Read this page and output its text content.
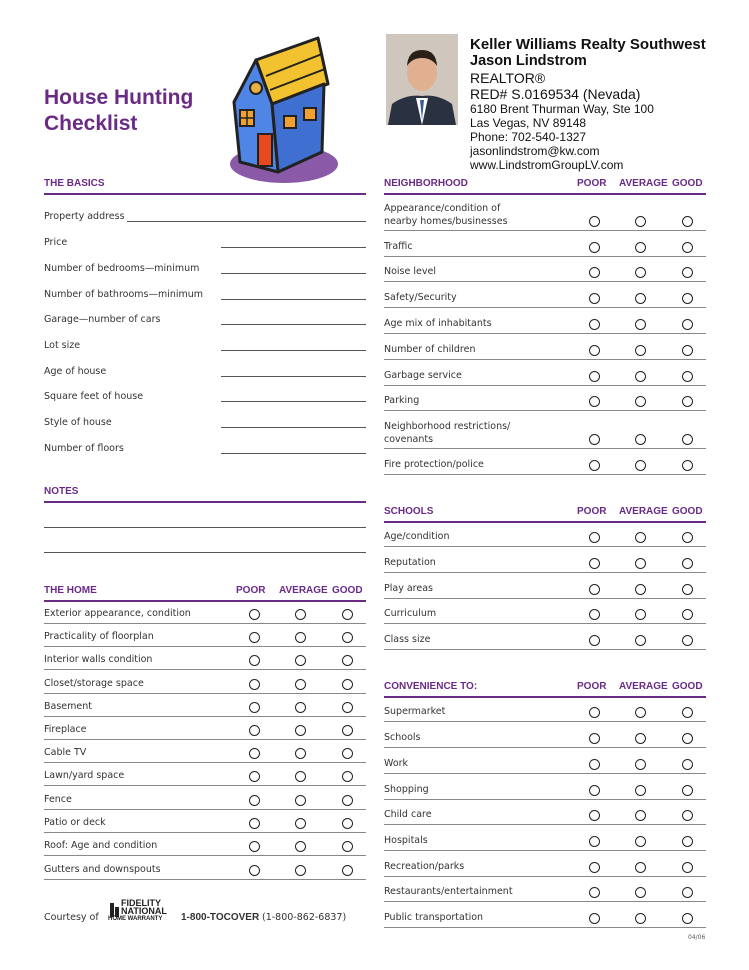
House Hunting
Checklist
Keller Williams Realty Southwest
Jason Lindstrom
REALTOR®
RED# S.0169534 (Nevada)
6180 Brent Thurman Way, Ste 100
Las Vegas, NV 89148
Phone: 702-540-1327
jasonlindstrom@kw.com
www.LindstromGroupLV.com
THE BASICS
Property address
Price
Number of bedrooms—minimum
Number of bathrooms—minimum
Garage—number of cars
Lot size
Age of house
Square feet of house
Style of house
Number of floors
NOTES
THE HOME	POOR AVERAGE GOOD
Exterior appearance, condition
Practicality of floorplan
Interior walls condition
Closet/storage space
Basement
Fireplace
Cable TV
Lawn/yard space
Fence
Patio or deck
Roof: Age and condition
Gutters and downspouts
NEIGHBORHOOD	POOR AVERAGE GOOD
Appearance/condition of nearby homes/businesses
Traffic
Noise level
Safety/Security
Age mix of inhabitants
Number of children
Garbage service
Parking
Neighborhood restrictions/ covenants
Fire protection/police
SCHOOLS	POOR AVERAGE GOOD
Age/condition
Reputation
Play areas
Curriculum
Class size
CONVENIENCE TO:	POOR AVERAGE GOOD
Supermarket
Schools
Work
Shopping
Child care
Hospitals
Recreation/parks
Restaurants/entertainment
Public transportation
Courtesy of
FIDELITY
NATIONAL
HOME WARRANTY 1-800-TOCOVER (1-800-862-6837)
04/06
